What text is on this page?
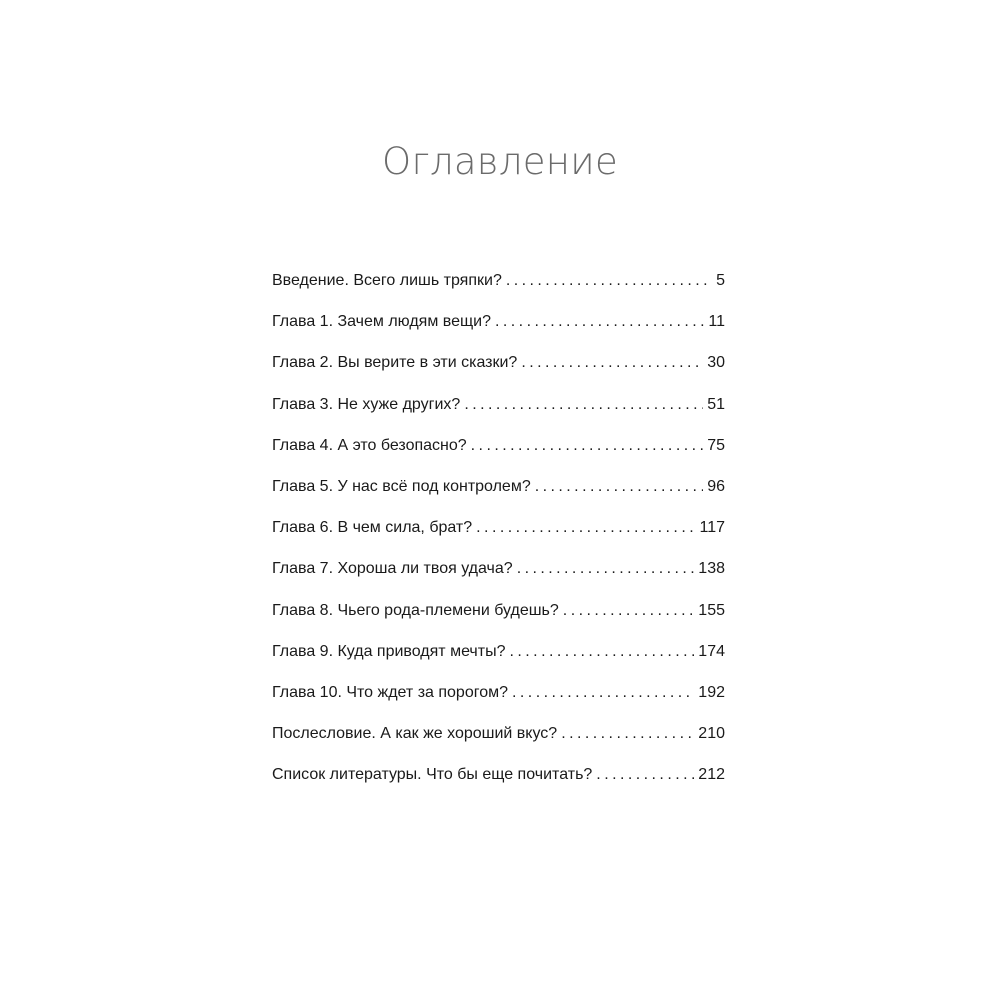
Оглавление
Введение. Всего лишь тряпки? . . .	5
Глава 1. Зачем людям вещи? . . .	11
Глава 2. Вы верите в эти сказки? . . .	30
Глава 3. Не хуже других? . . .	51
Глава 4. А это безопасно? . . .	75
Глава 5. У нас всё под контролем? . . .	96
Глава 6. В чем сила, брат? . . .	117
Глава 7. Хороша ли твоя удача? . . .	138
Глава 8. Чьего рода-племени будешь? . . .	155
Глава 9. Куда приводят мечты? . . .	174
Глава 10. Что ждет за порогом? . . .	192
Послесловие. А как же хороший вкус? . . .	210
Список литературы. Что бы еще почитать? . . .	212
